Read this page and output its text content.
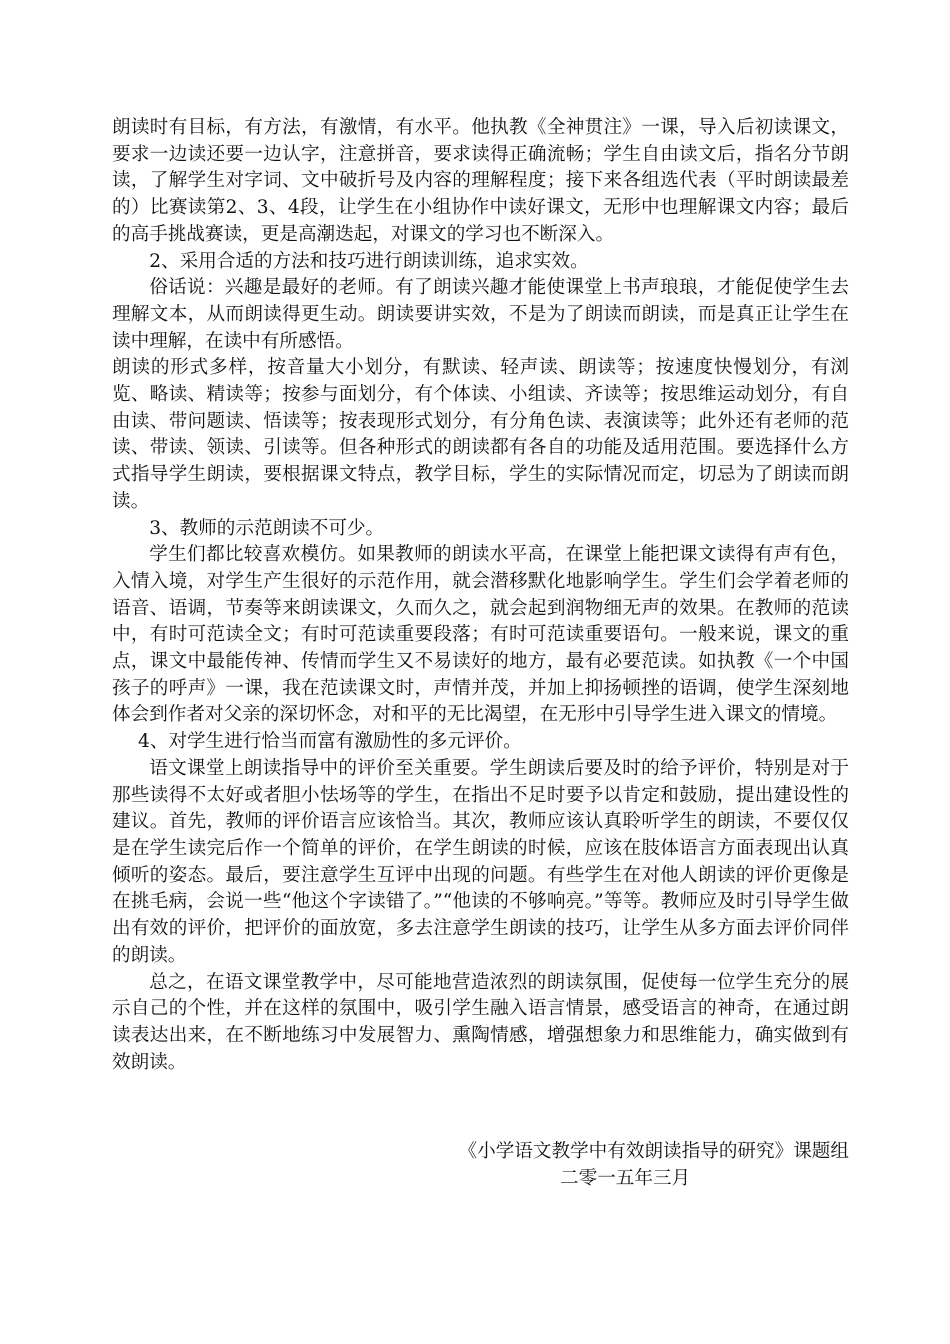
朗读时有目标，有方法，有激情，有水平。他执教《全神贯注》一课，导入后初读课文，要求一边读还要一边认字，注意拼音，要求读得正确流畅；学生自由读文后，指名分节朗读，了解学生对字词、文中破折号及内容的理解程度；接下来各组选代表（平时朗读最差的）比赛读第2、3、4段，让学生在小组协作中读好课文，无形中也理解课文内容；最后的高手挑战赛读，更是高潮迭起，对课文的学习也不断深入。

2、采用合适的方法和技巧进行朗读训练，追求实效。

俗话说：兴趣是最好的老师。有了朗读兴趣才能使课堂上书声琅琅，才能促使学生去理解文本，从而朗读得更生动。朗读要讲实效，不是为了朗读而朗读，而是真正让学生在读中理解，在读中有所感悟。

朗读的形式多样，按音量大小划分，有默读、轻声读、朗读等；按速度快慢划分，有浏览、略读、精读等；按参与面划分，有个体读、小组读、齐读等；按思维运动划分，有自由读、带问题读、悟读等；按表现形式划分，有分角色读、表演读等；此外还有老师的范读、带读、领读、引读等。但各种形式的朗读都有各自的功能及适用范围。要选择什么方式指导学生朗读，要根据课文特点，教学目标，学生的实际情况而定，切忌为了朗读而朗读。

3、教师的示范朗读不可少。

学生们都比较喜欢模仿。如果教师的朗读水平高，在课堂上能把课文读得有声有色，入情入境，对学生产生很好的示范作用，就会潜移默化地影响学生。学生们会学着老师的语音、语调，节奏等来朗读课文，久而久之，就会起到润物细无声的效果。在教师的范读中，有时可范读全文；有时可范读重要段落；有时可范读重要语句。一般来说，课文的重点，课文中最能传神、传情而学生又不易读好的地方，最有必要范读。如执教《一个中国孩子的呼声》一课，我在范读课文时，声情并茂，并加上抑扬顿挫的语调，使学生深刻地体会到作者对父亲的深切怀念，对和平的无比渴望，在无形中引导学生进入课文的情境。

4、对学生进行恰当而富有激励性的多元评价。

语文课堂上朗读指导中的评价至关重要。学生朗读后要及时的给予评价，特别是对于那些读得不太好或者胆小怯场等的学生，在指出不足时要予以肯定和鼓励，提出建设性的建议。首先，教师的评价语言应该恰当。其次，教师应该认真聆听学生的朗读，不要仅仅是在学生读完后作一个简单的评价，在学生朗读的时候，应该在肢体语言方面表现出认真倾听的姿态。最后，要注意学生互评中出现的问题。有些学生在对他人朗读的评价更像是在挑毛病，会说一些“他这个字读错了。”“他读的不够响亮。”等等。教师应及时引导学生做出有效的评价，把评价的面放宽，多去注意学生朗读的技巧，让学生从多方面去评价同伴的朗读。

总之，在语文课堂教学中，尽可能地营造浓烈的朗读氛围，促使每一位学生充分的展示自己的个性，并在这样的氛围中，吸引学生融入语言情景，感受语言的神奇，在通过朗读表达出来，在不断地练习中发展智力、熏陶情感，增强想象力和思维能力，确实做到有效朗读。

《小学语文教学中有效朗读指导的研究》课题组

二零一五年三月
